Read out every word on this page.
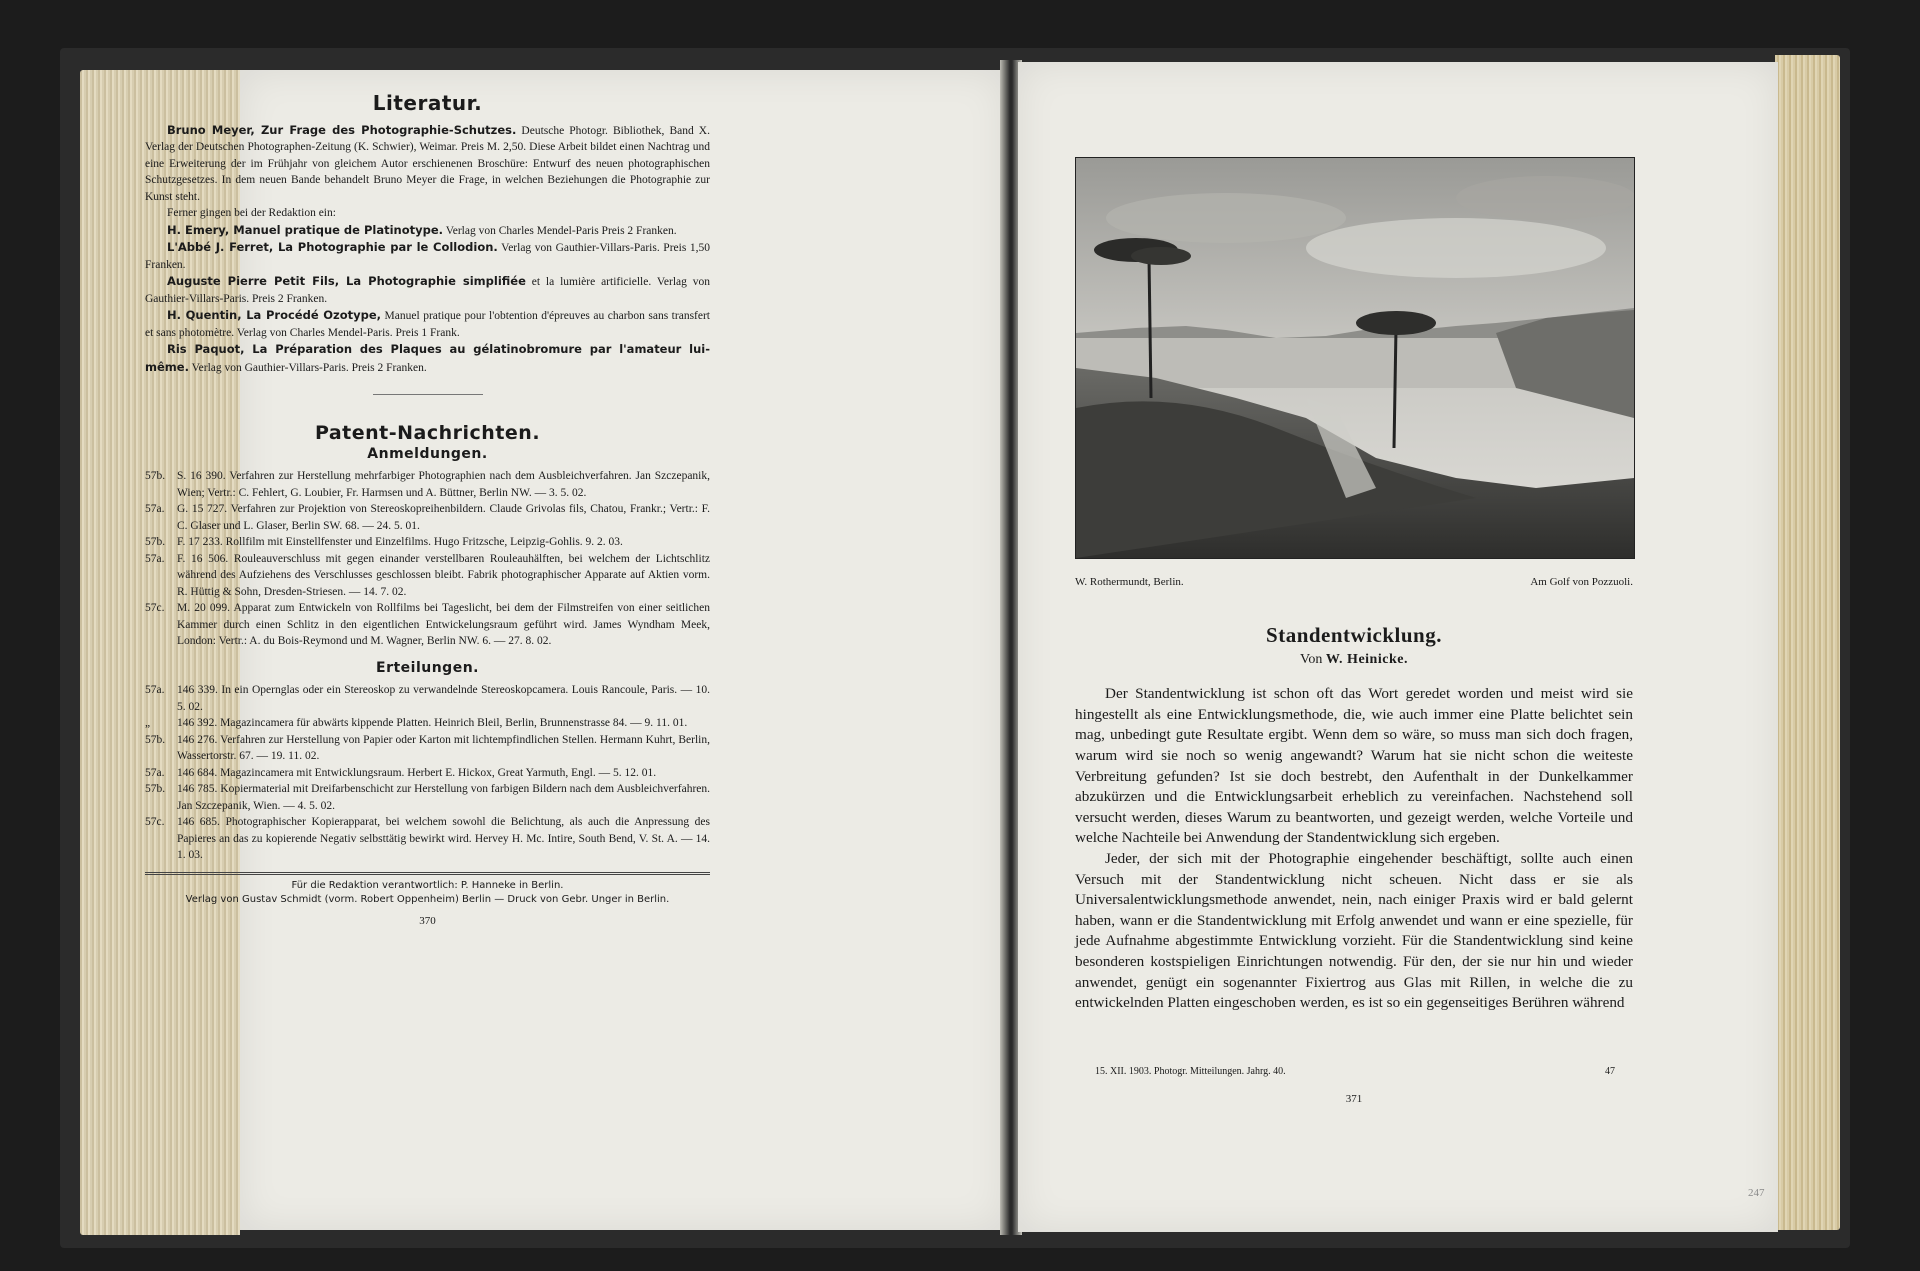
Literatur.

Bruno Meyer, Zur Frage des Photographie-Schutzes. Deutsche Photogr. Bibliothek, Band X. Verlag der Deutschen Photographen-Zeitung (K. Schwier), Weimar. Preis M. 2,50. Diese Arbeit bildet einen Nachtrag und eine Erweiterung der im Frühjahr von gleichem Autor erschienenen Broschüre: Entwurf des neuen photographischen Schutzgesetzes. In dem neuen Bande behandelt Bruno Meyer die Frage, in welchen Beziehungen die Photographie zur Kunst steht.

Ferner gingen bei der Redaktion ein:

H. Emery, Manuel pratique de Platinotype. Verlag von Charles Mendel-Paris Preis 2 Franken.

L'Abbé J. Ferret, La Photographie par le Collodion. Verlag von Gauthier-Villars-Paris. Preis 1,50 Franken.

Auguste Pierre Petit Fils, La Photographie simplifiée et la lumière artificielle. Verlag von Gauthier-Villars-Paris. Preis 2 Franken.

H. Quentin, La Procédé Ozotype, Manuel pratique pour l'obtention d'épreuves au charbon sans transfert et sans photomètre. Verlag von Charles Mendel-Paris. Preis 1 Frank.

Ris Paquot, La Préparation des Plaques au gélatinobromure par l'amateur lui-même. Verlag von Gauthier-Villars-Paris. Preis 2 Franken.

Patent-Nachrichten.
Anmeldungen.
57b.	S. 16 390. Verfahren zur Herstellung mehrfarbiger Photographien nach dem Ausbleichverfahren. Jan Szczepanik, Wien; Vertr.: C. Fehlert, G. Loubier, Fr. Harmsen und A. Büttner, Berlin NW. — 3. 5. 02.
57a.	G. 15 727. Verfahren zur Projektion von Stereoskopreihenbildern. Claude Grivolas fils, Chatou, Frankr.; Vertr.: F. C. Glaser und L. Glaser, Berlin SW. 68. — 24. 5. 01.
57b.	F. 17 233. Rollfilm mit Einstellfenster und Einzelfilms. Hugo Fritzsche, Leipzig-Gohlis. 9. 2. 03.
57a.	F. 16 506. Rouleauverschluss mit gegen einander verstellbaren Rouleauhälften, bei welchem der Lichtschlitz während des Aufziehens des Verschlusses geschlossen bleibt. Fabrik photographischer Apparate auf Aktien vorm. R. Hüttig & Sohn, Dresden-Striesen. — 14. 7. 02.
57c.	M. 20 099. Apparat zum Entwickeln von Rollfilms bei Tageslicht, bei dem der Filmstreifen von einer seitlichen Kammer durch einen Schlitz in den eigentlichen Entwickelungsraum geführt wird. James Wyndham Meek, London: Vertr.: A. du Bois-Reymond und M. Wagner, Berlin NW. 6. — 27. 8. 02.
Erteilungen.
57a.	146 339. In ein Opernglas oder ein Stereoskop zu verwandelnde Stereoskopcamera. Louis Rancoule, Paris. — 10. 5. 02.
„	146 392. Magazincamera für abwärts kippende Platten. Heinrich Bleil, Berlin, Brunnenstrasse 84. — 9. 11. 01.
57b.	146 276. Verfahren zur Herstellung von Papier oder Karton mit lichtempfindlichen Stellen. Hermann Kuhrt, Berlin, Wassertorstr. 67. — 19. 11. 02.
57a.	146 684. Magazincamera mit Entwicklungsraum. Herbert E. Hickox, Great Yarmuth, Engl. — 5. 12. 01.
57b.	146 785. Kopiermaterial mit Dreifarbenschicht zur Herstellung von farbigen Bildern nach dem Ausbleichverfahren. Jan Szczepanik, Wien. — 4. 5. 02.
57c.	146 685. Photographischer Kopierapparat, bei welchem sowohl die Belichtung, als auch die Anpressung des Papieres an das zu kopierende Negativ selbsttätig bewirkt wird. Hervey H. Mc. Intire, South Bend, V. St. A. — 14. 1. 03.
Für die Redaktion verantwortlich: P. Hanneke in Berlin.
Verlag von Gustav Schmidt (vorm. Robert Oppenheim) Berlin — Druck von Gebr. Unger in Berlin.
370
W. Rothermundt, Berlin.	Am Golf von Pozzuoli.
Standentwicklung.
Von W. Heinicke.

Der Standentwicklung ist schon oft das Wort geredet worden und meist wird sie hingestellt als eine Entwicklungsmethode, die, wie auch immer eine Platte belichtet sein mag, unbedingt gute Resultate ergibt. Wenn dem so wäre, so muss man sich doch fragen, warum wird sie noch so wenig angewandt? Warum hat sie nicht schon die weiteste Verbreitung gefunden? Ist sie doch bestrebt, den Aufenthalt in der Dunkelkammer abzukürzen und die Entwicklungsarbeit erheblich zu vereinfachen. Nachstehend soll versucht werden, dieses Warum zu beantworten, und gezeigt werden, welche Vorteile und welche Nachteile bei Anwendung der Standentwicklung sich ergeben.

Jeder, der sich mit der Photographie eingehender beschäftigt, sollte auch einen Versuch mit der Standentwicklung nicht scheuen. Nicht dass er sie als Universalentwicklungsmethode anwendet, nein, nach einiger Praxis wird er bald gelernt haben, wann er die Standentwicklung mit Erfolg anwendet und wann er eine spezielle, für jede Aufnahme abgestimmte Entwicklung vorzieht. Für die Standentwicklung sind keine besonderen kostspieligen Einrichtungen notwendig. Für den, der sie nur hin und wieder anwendet, genügt ein sogenannter Fixiertrog aus Glas mit Rillen, in welche die zu entwickelnden Platten eingeschoben werden, es ist so ein gegenseitiges Berühren während

15. XII. 1903. Photogr. Mitteilungen. Jahrg. 40.	47
371
247
